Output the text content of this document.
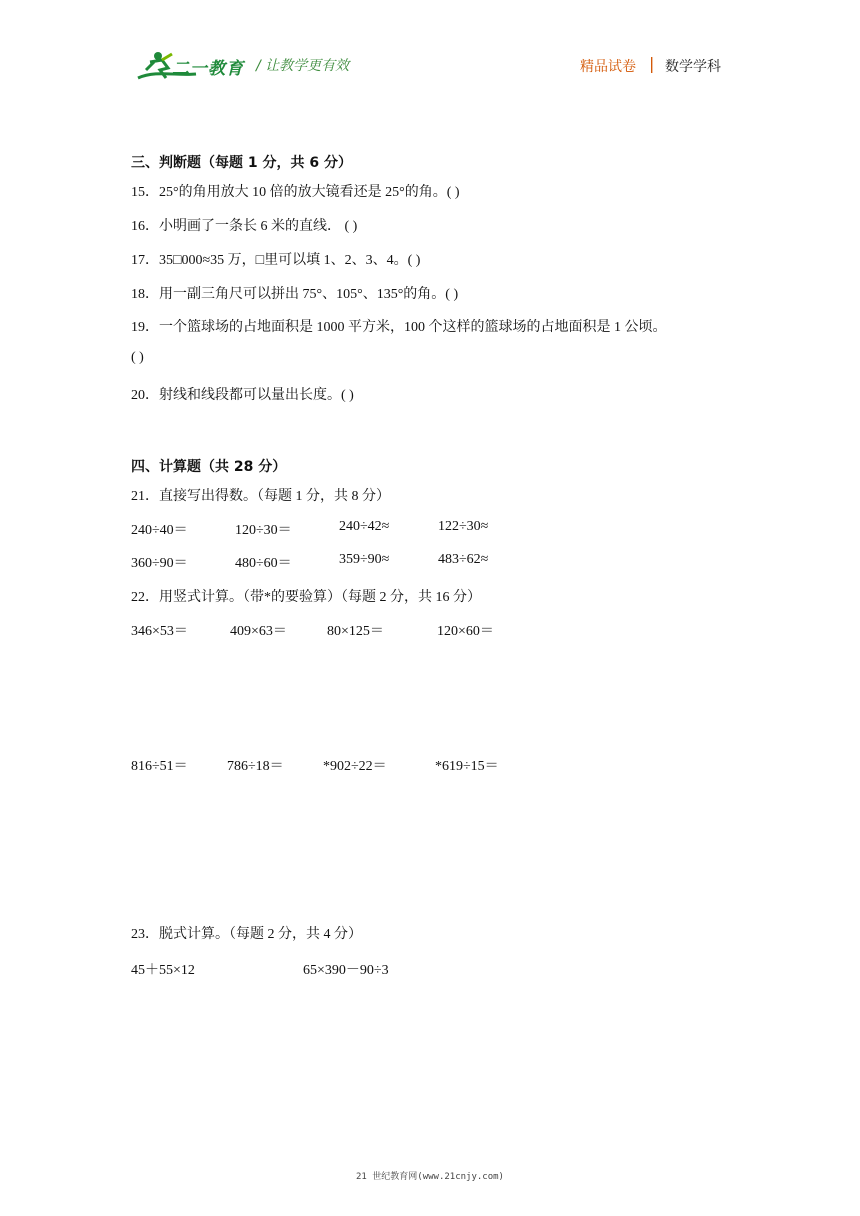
二一教育 / 让教学更有效	精品试卷 | 数学学科
三、判断题（每题 1 分，共 6 分）
15．25°的角用放大 10 倍的放大镜看还是 25°的角。( )
16．小明画了一条长 6 米的直线． ( )
17．35□000≈35 万，□里可以填 1、2、3、4。( )
18．用一副三角尺可以拼出 75°、105°、135°的角。( )
19．一个篮球场的占地面积是 1000 平方米，100 个这样的篮球场的占地面积是 1 公顷。
( )
20．射线和线段都可以量出长度。( )
四、计算题（共 28 分）
21．直接写出得数。（每题 1 分，共 8 分）
240÷40＝	120÷30＝	240÷42≈	122÷30≈
360÷90＝	480÷60＝	359÷90≈	483÷62≈
22．用竖式计算。（带*的要验算）（每题 2 分，共 16 分）
346×53＝	409×63＝	80×125＝	120×60＝
816÷51＝	786÷18＝	*902÷22＝	*619÷15＝
23．脱式计算。（每题 2 分，共 4 分）
45＋55×12	65×390－90÷3
21 世纪教育网(www.21cnjy.com)
